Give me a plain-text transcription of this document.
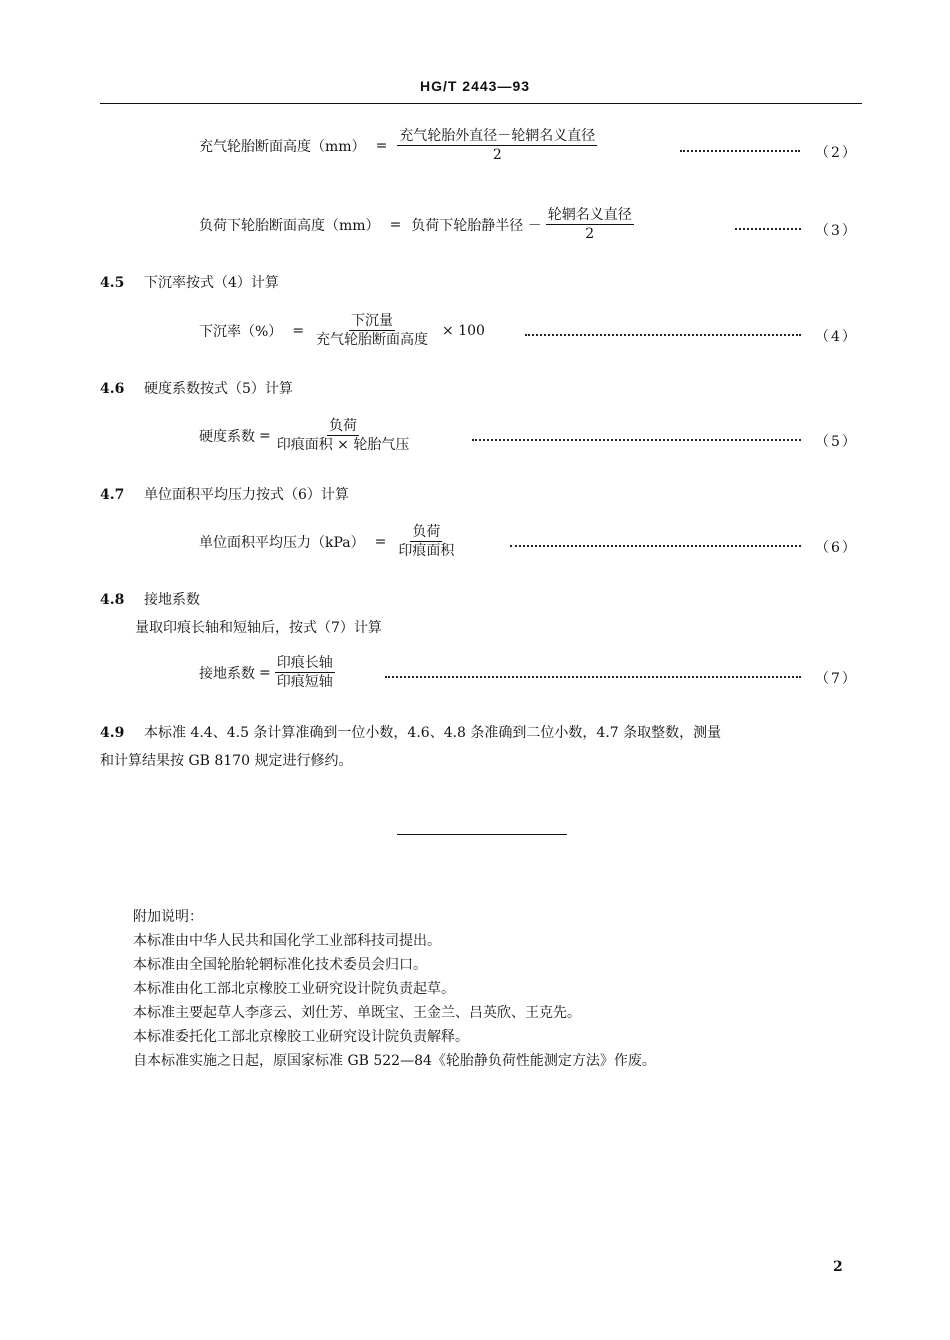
HG/T 2443—93
充气轮胎断面高度$(mm) = \frac{\text{充气轮胎外直径－轮辋名义直径}}{2}$	（2）
负荷下轮胎断面高度（mm） = 负荷下轮胎静半径 － $\frac{\text{轮辋名义直径}}{2}$	（3）
4.5 下沉率按式（4）计算
下沉率（%） = $\frac{\text{下沉量}}{\text{充气轮胎断面高度}} \times 100$	（4）
4.6 硬度系数按式（5）计算
硬度系数 = $\frac{\text{负荷}}{\text{印痕面积 × 轮胎气压}}$	（5）
4.7 单位面积平均压力按式（6）计算
单位面积平均压力$(kPa) = \frac{\text{负荷}}{\text{印痕面积}}$	（6）
4.8 接地系数
量取印痕长轴和短轴后，按式（7）计算
接地系数 = $\frac{\text{印痕长轴}}{\text{印痕短轴}}$	（7）
4.9 本标准 4.4、4.5 条计算准确到一位小数，4.6、4.8 条准确到二位小数，4.7 条取整数，测量
和计算结果按 GB 8170 规定进行修约。
附加说明：
本标准由中华人民共和国化学工业部科技司提出。
本标准由全国轮胎轮辋标准化技术委员会归口。
本标准由化工部北京橡胶工业研究设计院负责起草。
本标准主要起草人李彦云、刘仕芳、单既宝、王金兰、吕英欣、王克先。
本标准委托化工部北京橡胶工业研究设计院负责解释。
自本标准实施之日起，原国家标准 GB 522—84《轮胎静负荷性能测定方法》作废。
2
